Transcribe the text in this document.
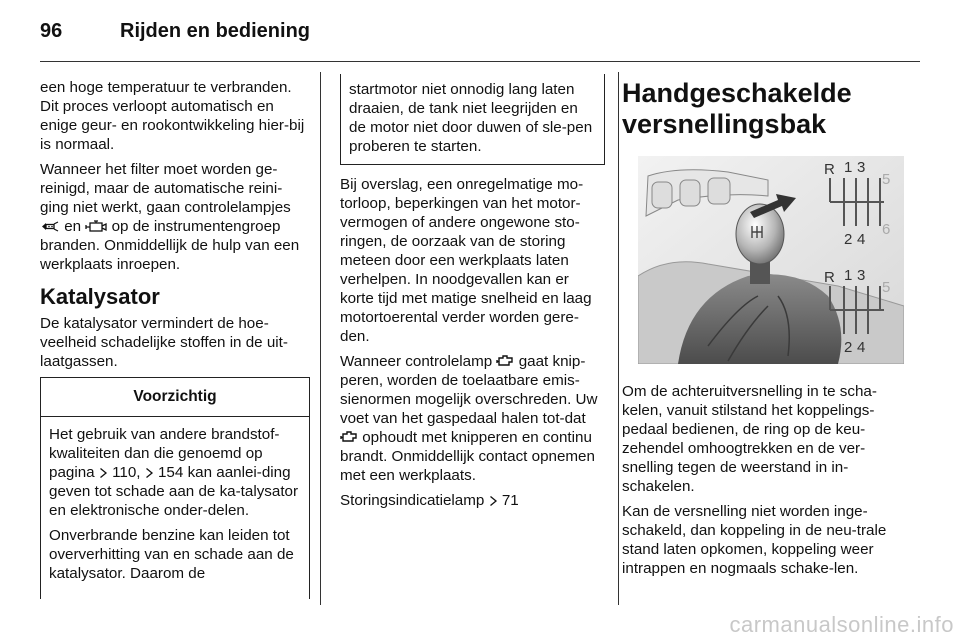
96	Rijden en bediening

een hoge temperatuur te verbranden. Dit proces verloopt automatisch en enige geur- en rookontwikkeling hier-bij is normaal.

Wanneer het filter moet worden ge-reinigd, maar de automatische reini-ging niet werkt, gaan controlelampjes  en op de instrumentengroep branden. Onmiddellijk de hulp van een werkplaats inroepen.

Katalysator

De katalysator vermindert de hoe-veelheid schadelijke stoffen in de uit-laatgassen.

Voorzichtig

Het gebruik van andere brandstof-kwaliteiten dan die genoemd op pagina 110, 154 kan aanlei-ding geven tot schade aan de ka-talysator en elektronische onder-delen.

Onverbrande benzine kan leiden tot oververhitting van en schade aan de katalysator. Daarom de

startmotor niet onnodig lang laten draaien, de tank niet leegrijden en de motor niet door duwen of sle-pen proberen te starten.

Bij overslag, een onregelmatige mo-torloop, beperkingen van het motor-vermogen of andere ongewone sto-ringen, de oorzaak van de storing meteen door een werkplaats laten verhelpen. In noodgevallen kan er korte tijd met matige snelheid en laag motortoerental verder worden gere-den.

Wanneer controlelamp gaat knip-peren, worden de toelaatbare emis-sienormen mogelijk overschreden. Uw voet van het gaspedaal halen tot-dat  ophoudt met knipperen en continu brandt. Onmiddellijk contact opnemen met een werkplaats.

Storingsindicatielamp 71

Handgeschakelde versnellingsbak
R 1 3
5
2 4
6
R 1 3
5
2 4

Om de achteruitversnelling in te scha-kelen, vanuit stilstand het koppelings-pedaal bedienen, de ring op de keu-zehendel omhoogtrekken en de ver-snelling tegen de weerstand in in-schakelen.

Kan de versnelling niet worden inge-schakeld, dan koppeling in de neu-trale stand laten opkomen, koppeling weer intrappen en nogmaals schake-len.

carmanualsonline.info
